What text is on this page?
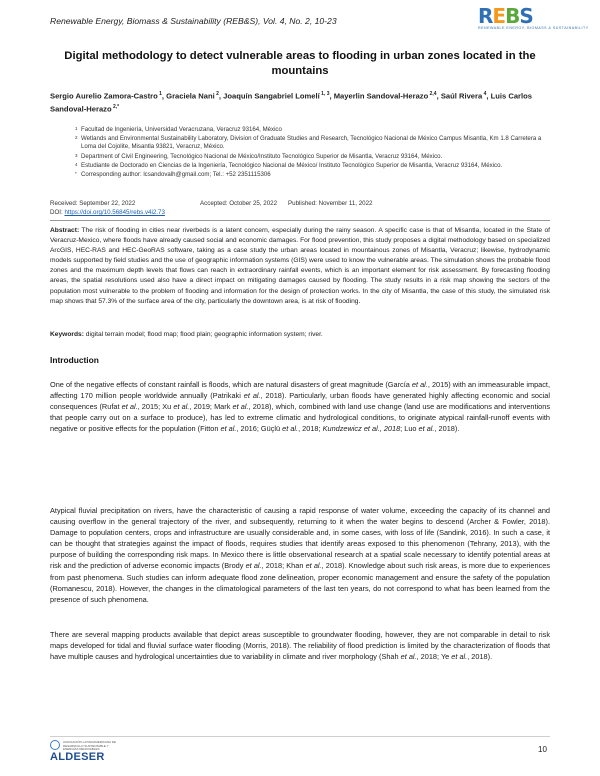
Renewable Energy, Biomass & Sustainability (REB&S), Vol. 4, No. 2, 10-23	REBS
RENEWABLE ENERGY, BIOMASS & SUSTAINABILITY
Digital methodology to detect vulnerable areas to flooding in urban zones located in the mountains
Sergio Aurelio Zamora-Castro $^1$, Graciela Nani $^2$, Joaquín Sangabriel Lomelí $^{1, 3}$, Mayerlin Sandoval-Herazo $^{2,4}$, Saúl Rivera $^4$, Luis Carlos Sandoval-Herazo $^{2,*}$
1 Facultad de Ingeniería, Universidad Veracruzana, Veracruz 93164, México
2 Wetlands and Environmental Sustainability Laboratory, Division of Graduate Studies and Research, Tecnológico Nacional de México Campus Misantla, Km 1.8 Carretera a Loma del Cojolite, Misantla 93821, Veracruz, México.
3 Department of Civil Engineering, Tecnológico Nacional de México/Instituto Tecnológico Superior de Misantla, Veracruz 93164, México.
4 Estudiante de Doctorado en Ciencias de la Ingeniería, Tecnológico Nacional de México/ Instituto Tecnológico Superior de Misantla, Veracruz 93164, México.
* Corresponding author: lcsandovalh@gmail.com; Tel.: +52 2351115306
Received: September 22, 2022	Accepted: October 25, 2022 Published: November 11, 2022
DOI: https://doi.org/10.56845/rebs.v4i2.73

Abstract: The risk of flooding in cities near riverbeds is a latent concern, especially during the rainy season. A specific case is that of Misantla, located in the State of Veracruz-Mexico, where floods have already caused social and economic damages. For flood prevention, this study proposes a digital methodology based on specialized ArcGIS, HEC-RAS and HEC-GeoRAS software, taking as a case study the urban areas located in mountainous zones of Misantla, Veracruz; likewise, hydrodynamic models supported by field studies and the use of geographic information systems (GIS) were used to know the vulnerable areas. The simulation shows the probable flood zones and the maximum depth levels that flows can reach in extraordinary rainfall events, which is an important element for risk assessment. By forecasting flooding areas, the spatial resolutions used also have a direct impact on mitigating damages caused by flooding. The study results in a risk map showing the sectors of the population most vulnerable to the problem of flooding and information for the design of protection works. In the city of Misantla, the case of this study, the simulated risk map shows that 57.3% of the surface area of the city, particularly the downtown area, is at risk of flooding.

Keywords: digital terrain model; flood map; flood plain; geographic information system; river.

Introduction

One of the negative effects of constant rainfall is floods, which are natural disasters of great magnitude (García et al., 2015) with an immeasurable impact, affecting 170 million people worldwide annually (Patrikaki et al., 2018). Particularly, urban floods have generated highly affecting economic and social consequences (Rufat et al., 2015; Xu et al., 2019; Mark et al., 2018), which, combined with land use change (land use are modifications and interventions that people carry out on a surface to produce), has led to extreme climatic and hydrological conditions, to originate atypical rainfall-runoff events with negative or positive effects for the population (Fitton et al., 2016; Güçlü et al., 2018; Kundzewicz et al., 2018; Luo et al., 2018).

Atypical fluvial precipitation on rivers, have the characteristic of causing a rapid response of water volume, exceeding the capacity of its channel and causing overflow in the general trajectory of the river, and subsequently, returning to it when the water begins to descend (Archer & Fowler, 2018). Damage to population centers, crops and infrastructure are usually considerable and, in some cases, with loss of life (Sandink, 2016). In such a case, it can be thought that strategies against the impact of floods, requires studies that identify areas exposed to this phenomenon (Tehrany, 2013), with the purpose of building the corresponding risk maps. In Mexico there is little observational research at a spatial scale necessary to identify potential areas at risk and the prediction of adverse economic impacts (Brody et al., 2018; Khan et al., 2018). Knowledge about such risk areas, is more due to experiences from past phenomena. Such studies can inform adequate flood zone delineation, proper economic management and ensure the safety of the population (Romanescu, 2018). However, the changes in the climatological parameters of the last ten years, do not correspond to what has been learned from the presence of such phenomena.

There are several mapping products available that depict areas susceptible to groundwater flooding, however, they are not comparable in detail to risk maps developed for tidal and fluvial surface water flooding (Morris, 2018). The reliability of flood prediction is limited by the characterization of floods that have multiple causes and hydrological uncertainties due to variability in climate and river morphology (Shah et al., 2018; Ye et al., 2018).

ASOCIACIÓN LATINOAMERICANA DE DESARROLLO SUSTENTABLE Y ENERGÍAS RENOVABLES
ALDESER
10
